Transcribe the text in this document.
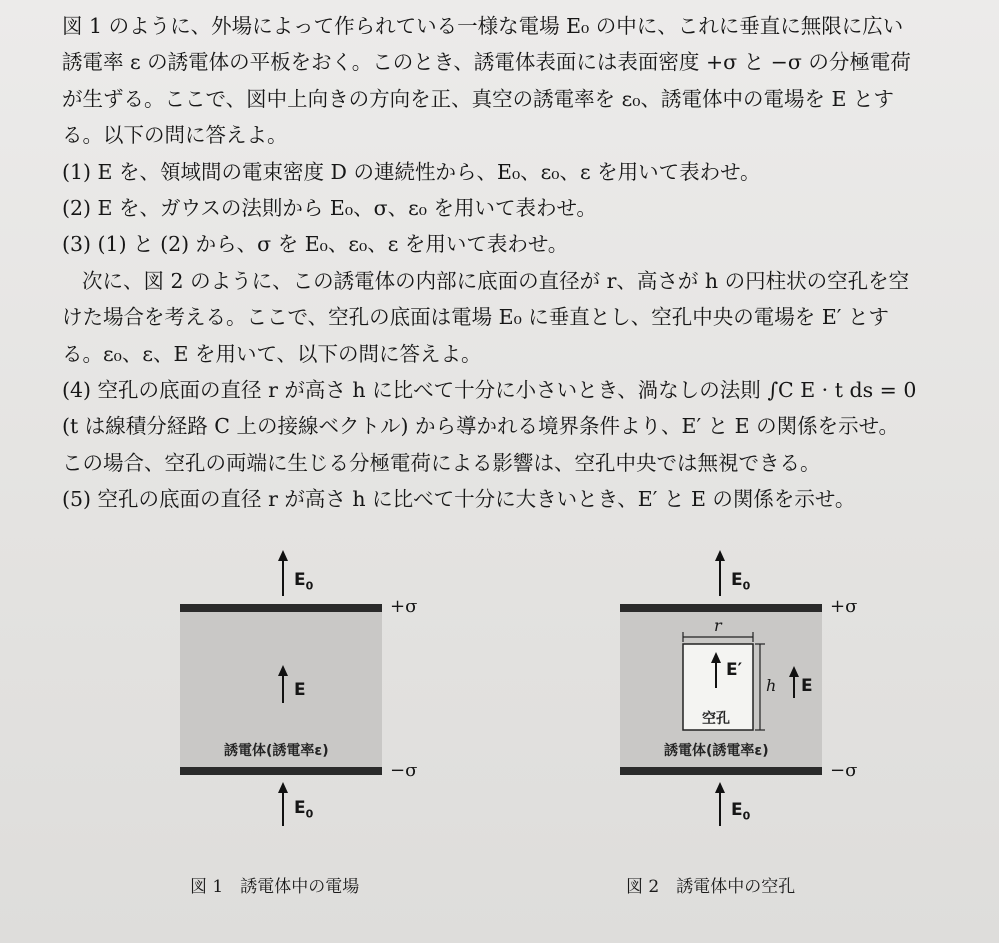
図 1 のように、外場によって作られている一様な電場 E₀ の中に、これに垂直に無限に広い

誘電率 ε の誘電体の平板をおく。このとき、誘電体表面には表面密度 +σ と −σ の分極電荷

が生ずる。ここで、図中上向きの方向を正、真空の誘電率を ε₀、誘電体中の電場を E とす

る。以下の問に答えよ。

(1) E を、領域間の電束密度 D の連続性から、E₀、ε₀、ε を用いて表わせ。

(2) E を、ガウスの法則から E₀、σ、ε₀ を用いて表わせ。

(3) (1) と (2) から、σ を E₀、ε₀、ε を用いて表わせ。

次に、図 2 のように、この誘電体の内部に底面の直径が r、高さが h の円柱状の空孔を空

けた場合を考える。ここで、空孔の底面は電場 E₀ に垂直とし、空孔中央の電場を E′ とす

る。ε₀、ε、E を用いて、以下の問に答えよ。

(4) 空孔の底面の直径 r が高さ h に比べて十分に小さいとき、渦なしの法則 ∫C E · t ds = 0

(t は線積分経路 C 上の接線ベクトル) から導かれる境界条件より、E′ と E の関係を示せ。

この場合、空孔の両端に生じる分極電荷による影響は、空孔中央では無視できる。

(5) 空孔の底面の直径 r が高さ h に比べて十分に大きいとき、E′ と E の関係を示せ。

$E_0$
+σ
E
誘電体(誘電率ε)
−σ
$E_0$
$E_0$
+σ
r
h
E′
E
空孔
誘電体(誘電率ε)
−σ
$E_0$
図 1　誘電体中の電場	図 2　誘電体中の空孔
